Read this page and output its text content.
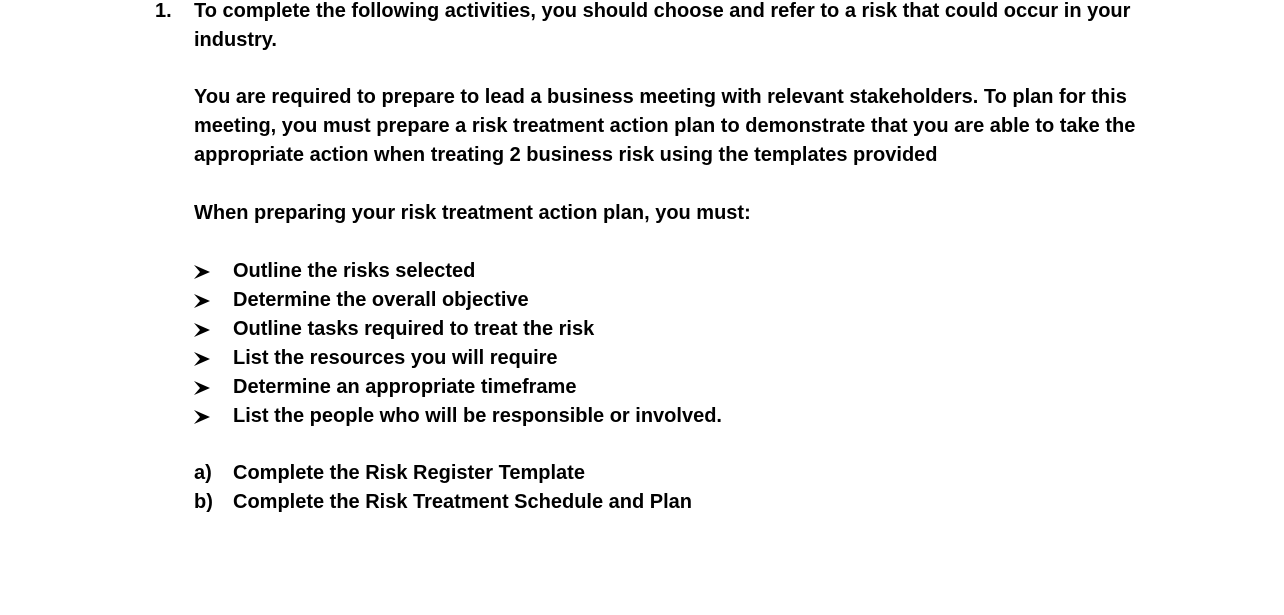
1. To complete the following activities, you should choose and refer to a risk that could occur in your industry.

You are required to prepare to lead a business meeting with relevant stakeholders. To plan for this meeting, you must prepare a risk treatment action plan to demonstrate that you are able to take the appropriate action when treating 2 business risk using the templates provided

When preparing your risk treatment action plan, you must:

Outline the risks selected
Determine the overall objective
Outline tasks required to treat the risk
List the resources you will require
Determine an appropriate timeframe
List the people who will be responsible or involved.
a) Complete the Risk Register Template
b) Complete the Risk Treatment Schedule and Plan
